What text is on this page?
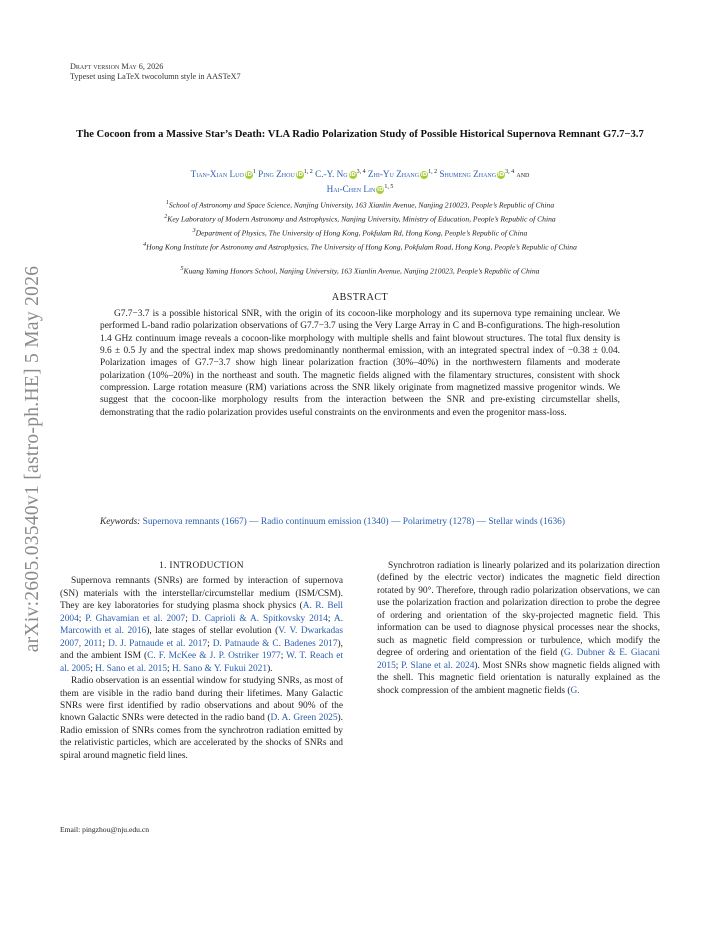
Draft version May 6, 2026
Typeset using LaTeX twocolumn style in AASTeX7
arXiv:2605.03540v1 [astro-ph.HE] 5 May 2026
The Cocoon from a Massive Star’s Death: VLA Radio Polarization Study of Possible Historical Supernova Remnant G7.7−3.7
Tian-Xian Luo $iD^1$ Ping Zhou iD$^{1, 2}$ C.-Y. Ng iD$^{3, 4}$ Zhi-Yu Zhang iD$^{1, 2}$ Shumeng Zhang iD$^{3, 4}$ and
Hai-Chen Lin iD$^{1, 5}$
$^1$School of Astronomy and Space Science, Nanjing University, 163 Xianlin Avenue, Nanjing 210023, People’s Republic of China
$^2$Key Laboratory of Modern Astronomy and Astrophysics, Nanjing University, Ministry of Education, People’s Republic of China
$^3$Department of Physics, The University of Hong Kong, Pokfulam Rd, Hong Kong, People’s Republic of China
$^4$Hong Kong Institute for Astronomy and Astrophysics, The University of Hong Kong, Pokfulam Road, Hong Kong, People’s Republic of China
$^5$Kuang Yaming Honors School, Nanjing University, 163 Xianlin Avenue, Nanjing 210023, People’s Republic of China
ABSTRACT

G7.7−3.7 is a possible historical SNR, with the origin of its cocoon-like morphology and its supernova type remaining unclear. We performed L-band radio polarization observations of G7.7−3.7 using the Very Large Array in C and B-configurations. The high-resolution 1.4 GHz continuum image reveals a cocoon-like morphology with multiple shells and faint blowout structures. The total flux density is 9.6 ± 0.5 Jy and the spectral index map shows predominantly nonthermal emission, with an integrated spectral index of −0.38 ± 0.04. Polarization images of G7.7−3.7 show high linear polarization fraction (30%–40%) in the northwestern filaments and moderate polarization (10%–20%) in the northeast and south. The magnetic fields aligned with the filamentary structures, consistent with shock compression. Large rotation measure (RM) variations across the SNR likely originate from magnetized massive progenitor winds. We suggest that the cocoon-like morphology results from the interaction between the SNR and pre-existing circumstellar shells, demonstrating that the radio polarization provides useful constraints on the environments and even the progenitor mass-loss.

Keywords: Supernova remnants (1667) — Radio continuum emission (1340) — Polarimetry (1278) — Stellar winds (1636)
1. INTRODUCTION

Supernova remnants (SNRs) are formed by interaction of supernova (SN) materials with the interstellar/circumstellar medium (ISM/CSM). They are key laboratories for studying plasma shock physics (A. R. Bell 2004; P. Ghavamian et al. 2007; D. Caprioli & A. Spitkovsky 2014; A. Marcowith et al. 2016), late stages of stellar evolution (V. V. Dwarkadas 2007, 2011; D. J. Patnaude et al. 2017; D. Patnaude & C. Badenes 2017), and the ambient ISM (C. F. McKee & J. P. Ostriker 1977; W. T. Reach et al. 2005; H. Sano et al. 2015; H. Sano & Y. Fukui 2021).

Radio observation is an essential window for studying SNRs, as most of them are visible in the radio band during their lifetimes. Many Galactic SNRs were first identified by radio observations and about 90% of the known Galactic SNRs were detected in the radio band (D. A. Green 2025). Radio emission of SNRs comes from the synchrotron radiation emitted by the relativistic particles, which are accelerated by the shocks of SNRs and spiral around magnetic field lines.

Synchrotron radiation is linearly polarized and its polarization direction (defined by the electric vector) indicates the magnetic field direction rotated by 90°. Therefore, through radio polarization observations, we can use the polarization fraction and polarization direction to probe the degree of ordering and orientation of the sky-projected magnetic field. This information can be used to diagnose physical processes near the shocks, such as magnetic field compression or turbulence, which modify the degree of ordering and orientation of the field (G. Dubner & E. Giacani 2015; P. Slane et al. 2024). Most SNRs show magnetic fields aligned with the shell. This magnetic field orientation is naturally explained as the shock compression of the ambient magnetic fields (G.

Email: pingzhou@nju.edu.cn
